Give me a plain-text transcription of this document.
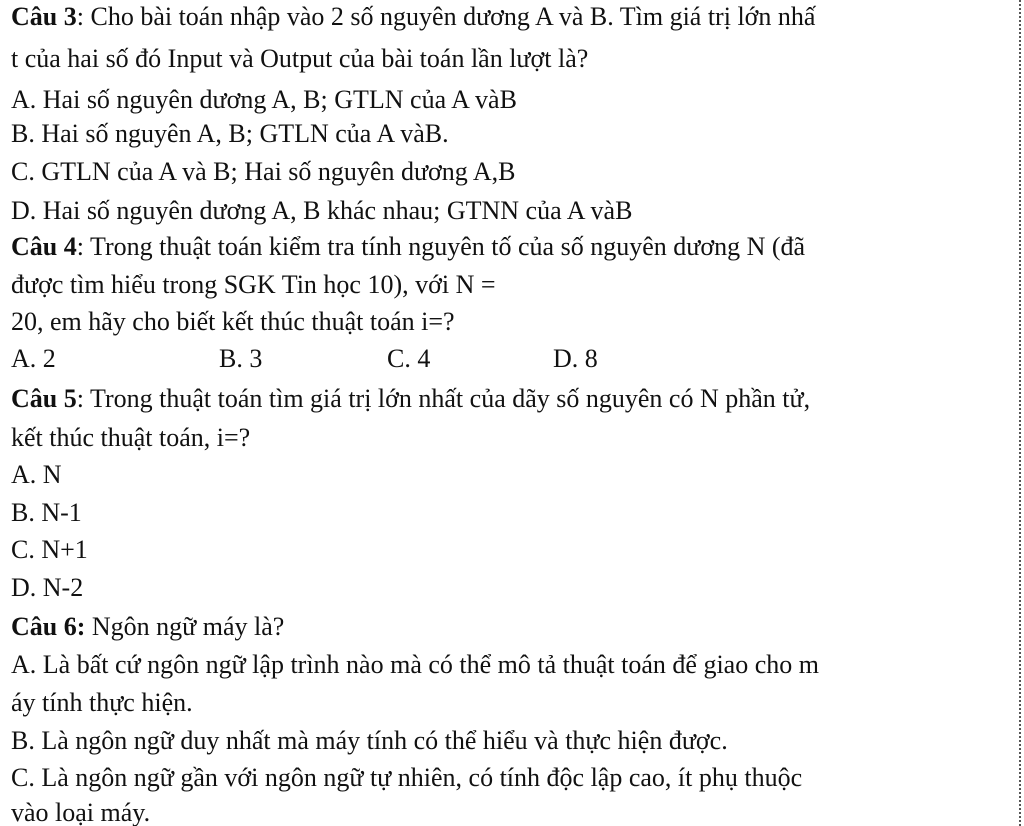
Câu 3: Cho bài toán nhập vào 2 số nguyên dương A và B. Tìm giá trị lớn nhấ
t của hai số đó Input và Output của bài toán lần lượt là?
A. Hai số nguyên dương A, B; GTLN của A vàB
B. Hai số nguyên A, B; GTLN của A vàB.
C. GTLN của A và B; Hai số nguyên dương A,B
D. Hai số nguyên dương A, B khác nhau; GTNN của A vàB
Câu 4: Trong thuật toán kiểm tra tính nguyên tố của số nguyên dương N (đã
được tìm hiểu trong SGK Tin học 10), với N =
20, em hãy cho biết kết thúc thuật toán i=?
A. 2	B. 3	C. 4	D. 8
Câu 5: Trong thuật toán tìm giá trị lớn nhất của dãy số nguyên có N phần tử,
kết thúc thuật toán, i=?
A. N
B. N-1
C. N+1
D. N-2
Câu 6: Ngôn ngữ máy là?
A. Là bất cứ ngôn ngữ lập trình nào mà có thể mô tả thuật toán để giao cho m
áy tính thực hiện.
B. Là ngôn ngữ duy nhất mà máy tính có thể hiểu và thực hiện được.
C. Là ngôn ngữ gần với ngôn ngữ tự nhiên, có tính độc lập cao, ít phụ thuộc
vào loại máy.
